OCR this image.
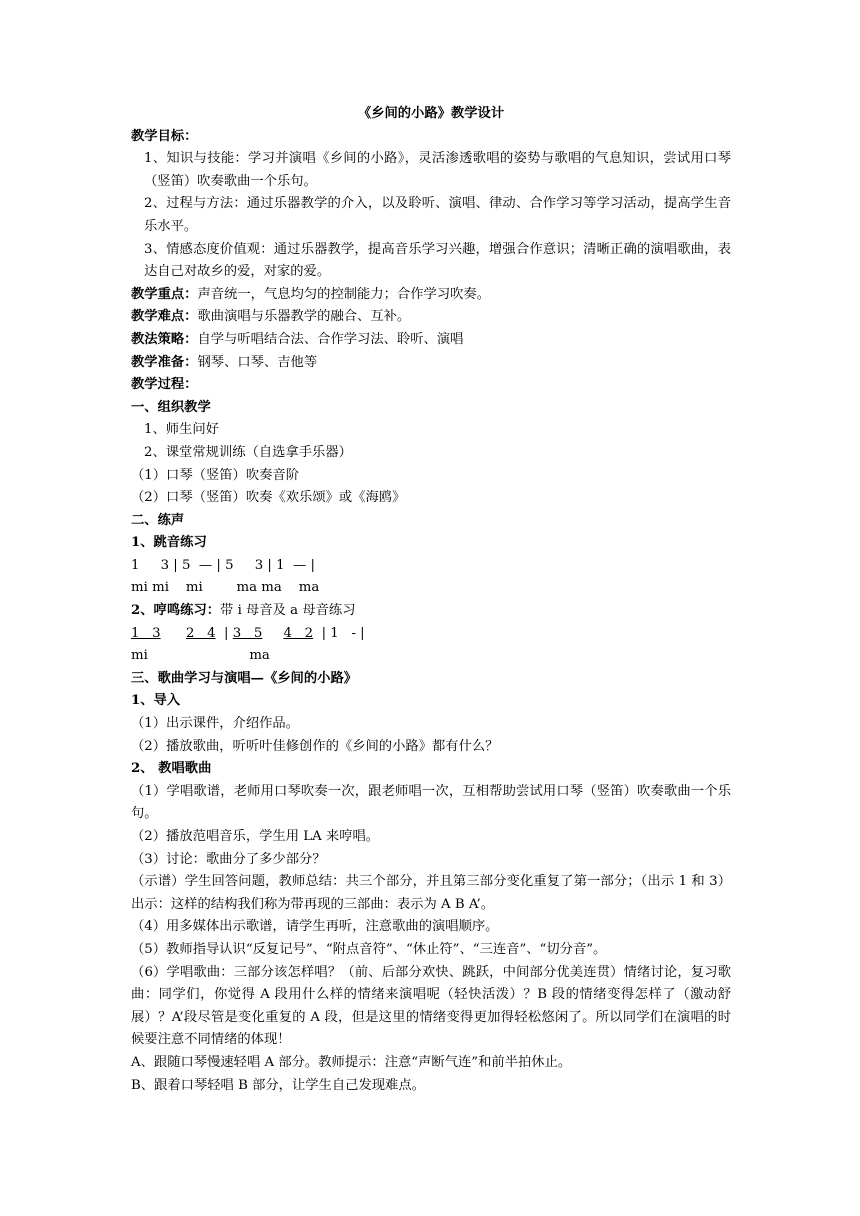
《乡间的小路》教学设计
教学目标：
1、知识与技能：学习并演唱《乡间的小路》，灵活渗透歌唱的姿势与歌唱的气息知识，尝试用口琴（竖笛）吹奏歌曲一个乐句。
2、过程与方法：通过乐器教学的介入，以及聆听、演唱、律动、合作学习等学习活动，提高学生音乐水平。
3、情感态度价值观：通过乐器教学，提高音乐学习兴趣，增强合作意识；清晰正确的演唱歌曲，表达自己对故乡的爱，对家的爱。
教学重点：声音统一，气息均匀的控制能力；合作学习吹奏。
教学难点：歌曲演唱与乐器教学的融合、互补。
教法策略：自学与听唱结合法、合作学习法、聆听、演唱
教学准备：钢琴、口琴、吉他等
教学过程：
一、组织教学
1、师生问好
2、课堂常规训练（自选拿手乐器）
（1）口琴（竖笛）吹奏音阶
（2）口琴（竖笛）吹奏《欢乐颂》或《海鸥》
二、练声
1、跳音练习
1     3 | 5  — | 5     3 | 1  — |
mi mi    mi        ma ma    ma
2、哼鸣练习：带 i 母音及 a 母音练习
1   3 2   4  | 3   5 4   2 | 1   - |
mi	ma
三、歌曲学习与演唱—《乡间的小路》
1、导入
（1）出示课件，介绍作品。
（2）播放歌曲，听听叶佳修创作的《乡间的小路》都有什么？
2、 教唱歌曲
（1）学唱歌谱，老师用口琴吹奏一次，跟老师唱一次，互相帮助尝试用口琴（竖笛）吹奏歌曲一个乐句。
（2）播放范唱音乐，学生用 LA 来哼唱。
（3）讨论：歌曲分了多少部分？
（示谱）学生回答问题，教师总结：共三个部分，并且第三部分变化重复了第一部分；（出示 1 和 3）出示：这样的结构我们称为带再现的三部曲：表示为 A B A’。
（4）用多媒体出示歌谱，请学生再听，注意歌曲的演唱顺序。
（5）教师指导认识“反复记号”、“附点音符”、“休止符”、“三连音”、“切分音”。
（6）学唱歌曲：三部分该怎样唱？（前、后部分欢快、跳跃，中间部分优美连贯）情绪讨论，复习歌曲：同学们，你觉得 A 段用什么样的情绪来演唱呢（轻快活泼）？B 段的情绪变得怎样了（激动舒展）？A’段尽管是变化重复的 A 段，但是这里的情绪变得更加得轻松悠闲了。所以同学们在演唱的时候要注意不同情绪的体现！
A、跟随口琴慢速轻唱 A 部分。教师提示：注意“声断气连”和前半拍休止。
B、跟着口琴轻唱 B 部分，让学生自己发现难点。
